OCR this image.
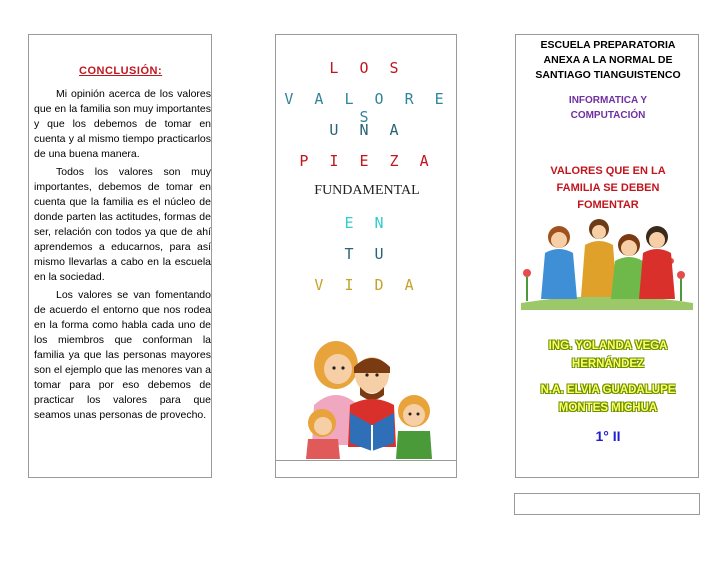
CONCLUSIÓN:

Mi opinión acerca de los valores que en la familia son muy importantes y que los debemos de tomar en cuenta y al mismo tiempo practicarlos de una buena manera.

Todos los valores son muy importantes, debemos de tomar en cuenta que la familia es el núcleo de donde parten las actitudes, formas de ser, relación con todos ya que de ahí aprendemos a educarnos, para así mismo llevarlas a cabo en la escuela en la sociedad.

Los valores se van fomentando de acuerdo el entorno que nos rodea en la forma como habla cada uno de los miembros que conforman la familia ya que las personas mayores son el ejemplo que las menores van a tomar para por eso debemos de practicar los valores para que seamos unas personas de provecho.

L O S
V A L O R E S
U N A
P I E Z A
FUNDAMENTAL
E N
T U
V I D A
ESCUELA PREPARATORIA
ANEXA A LA NORMAL DE
SANTIAGO TIANGUISTENCO
INFORMATICA Y
COMPUTACIÓN
VALORES QUE EN LA
FAMILIA SE DEBEN
FOMENTAR
ING. YOLANDA VEGA
HERNÁNDEZ
N.A. ELVIA GUADALUPE
MONTES MICHUA
1° II
